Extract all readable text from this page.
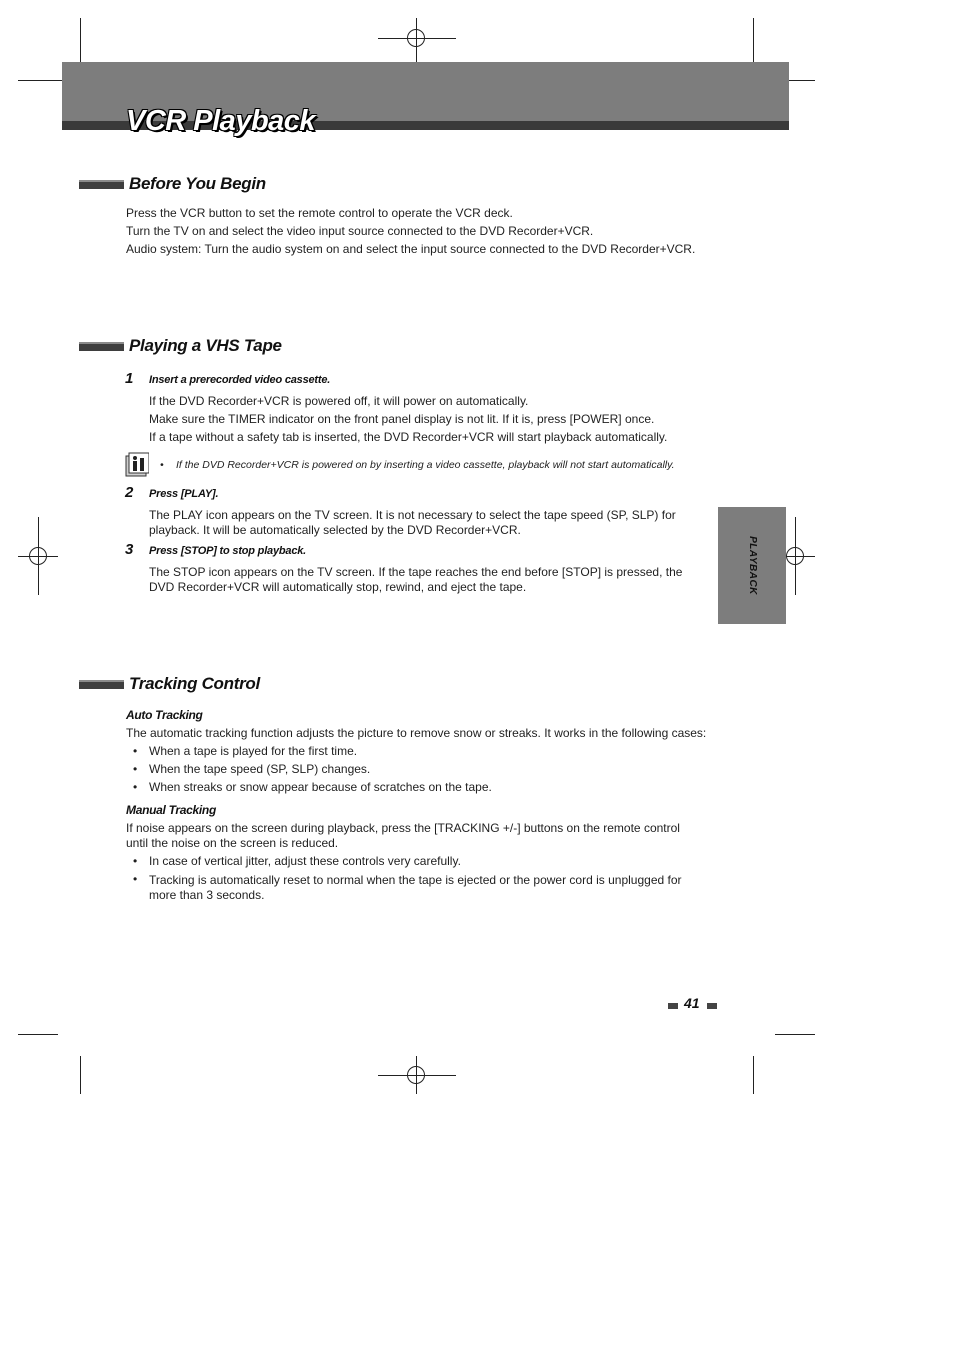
VCR Playback
Before You Begin
Press the VCR button to set the remote control to operate the VCR deck.
Turn the TV on and select the video input source connected to the DVD Recorder+VCR.
Audio system: Turn the audio system on and select the input source connected to the DVD Recorder+VCR.
Playing a VHS Tape
1 Insert a prerecorded video cassette.
If the DVD Recorder+VCR is powered off, it will power on automatically.
Make sure the TIMER indicator on the front panel display is not lit. If it is, press [POWER] once.
If a tape without a safety tab is inserted, the DVD Recorder+VCR will start playback automatically.
• If the DVD Recorder+VCR is powered on by inserting a video cassette, playback will not start automatically.
2 Press [PLAY].
The PLAY icon appears on the TV screen. It is not necessary to select the tape speed (SP, SLP) for playback. It will be automatically selected by the DVD Recorder+VCR.
3 Press [STOP] to stop playback.
The STOP icon appears on the TV screen. If the tape reaches the end before [STOP] is pressed, the DVD Recorder+VCR will automatically stop, rewind, and eject the tape.	PLAYBACK
Tracking Control
Auto Tracking
The automatic tracking function adjusts the picture to remove snow or streaks. It works in the following cases:
• When a tape is played for the first time.
• When the tape speed (SP, SLP) changes.
• When streaks or snow appear because of scratches on the tape.
Manual Tracking
If noise appears on the screen during playback, press the [TRACKING +/-] buttons on the remote control until the noise on the screen is reduced.
• In case of vertical jitter, adjust these controls very carefully.
• Tracking is automatically reset to normal when the tape is ejected or the power cord is unplugged for more than 3 seconds.
41
